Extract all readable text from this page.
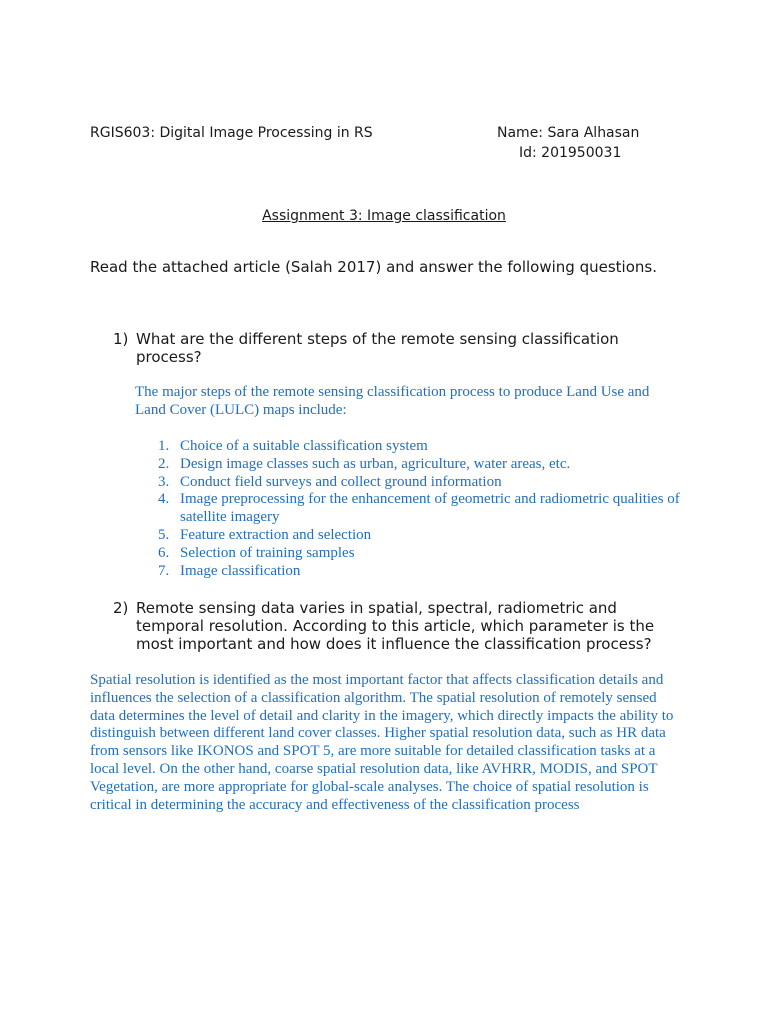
RGIS603: Digital Image Processing in RS	Name: Sara Alhasan
Id: 201950031
Assignment 3: Image classification
Read the attached article (Salah 2017) and answer the following questions.
1) What are the different steps of the remote sensing classification process?
The major steps of the remote sensing classification process to produce Land Use and Land Cover (LULC) maps include:
1. Choice of a suitable classification system
2. Design image classes such as urban, agriculture, water areas, etc.
3. Conduct field surveys and collect ground information
4. Image preprocessing for the enhancement of geometric and radiometric qualities of satellite imagery
5. Feature extraction and selection
6. Selection of training samples
7. Image classification
2) Remote sensing data varies in spatial, spectral, radiometric and temporal resolution. According to this article, which parameter is the most important and how does it influence the classification process?
Spatial resolution is identified as the most important factor that affects classification details and influences the selection of a classification algorithm. The spatial resolution of remotely sensed data determines the level of detail and clarity in the imagery, which directly impacts the ability to distinguish between different land cover classes. Higher spatial resolution data, such as HR data from sensors like IKONOS and SPOT 5, are more suitable for detailed classification tasks at a local level. On the other hand, coarse spatial resolution data, like AVHRR, MODIS, and SPOT Vegetation, are more appropriate for global-scale analyses. The choice of spatial resolution is critical in determining the accuracy and effectiveness of the classification process
